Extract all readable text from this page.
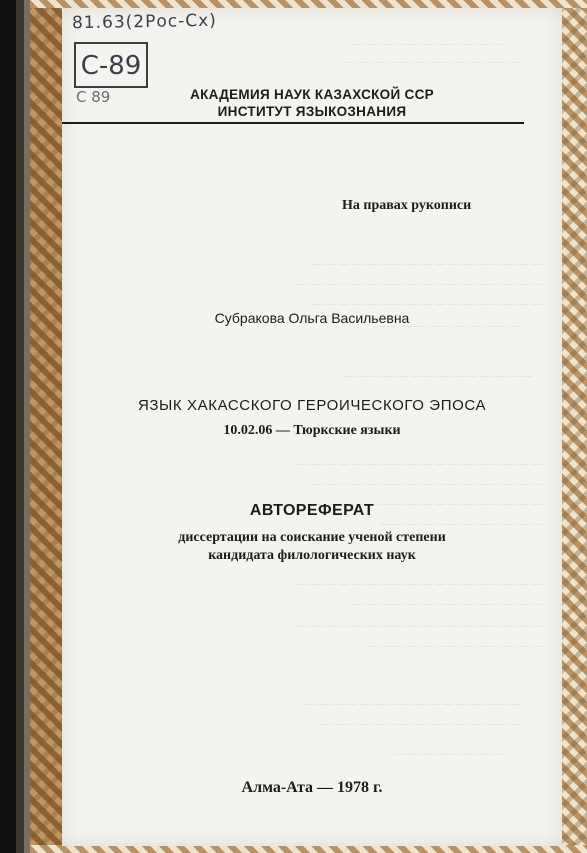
— — — — — — — — — — —
— — — — — — — — — — — — —
— — — — — — — — — — — — — — — — —
— — — — — — — — — — — — — — — — — —
— — — — — — — — — — — — — — — — —
— — — — — — — — — — —
— — — — — — — — — — — — — —
— — — — — — — — — — — — — — — — — —
— — — — — — — — — — — — — — — — —
— — — — — — — — — — — — — — — — — —
— — — — — — — — — — — —
— — — — — — — — — — — — — — — — — —
— — — — — — — — — — — — — —
— — — — — — — — — — — — — — — — — —
— — — — — — — — — — — — —
— — — — — — — — — — — — — — — —
— — — — — — — — — — — — — — —
— — — — — — — —
81.63(2Рос-Сх)
С-89
С 89	АКАДЕМИЯ НАУК КАЗАХСКОЙ ССР
ИНСТИТУТ ЯЗЫКОЗНАНИЯ
На правах рукописи
Субракова Ольга Васильевна
ЯЗЫК ХАКАССКОГО ГЕРОИЧЕСКОГО ЭПОСА
10.02.06 — Тюркские языки
АВТОРЕФЕРАТ
диссертации на соискание ученой степени
кандидата филологических наук
Алма-Ата — 1978 г.
